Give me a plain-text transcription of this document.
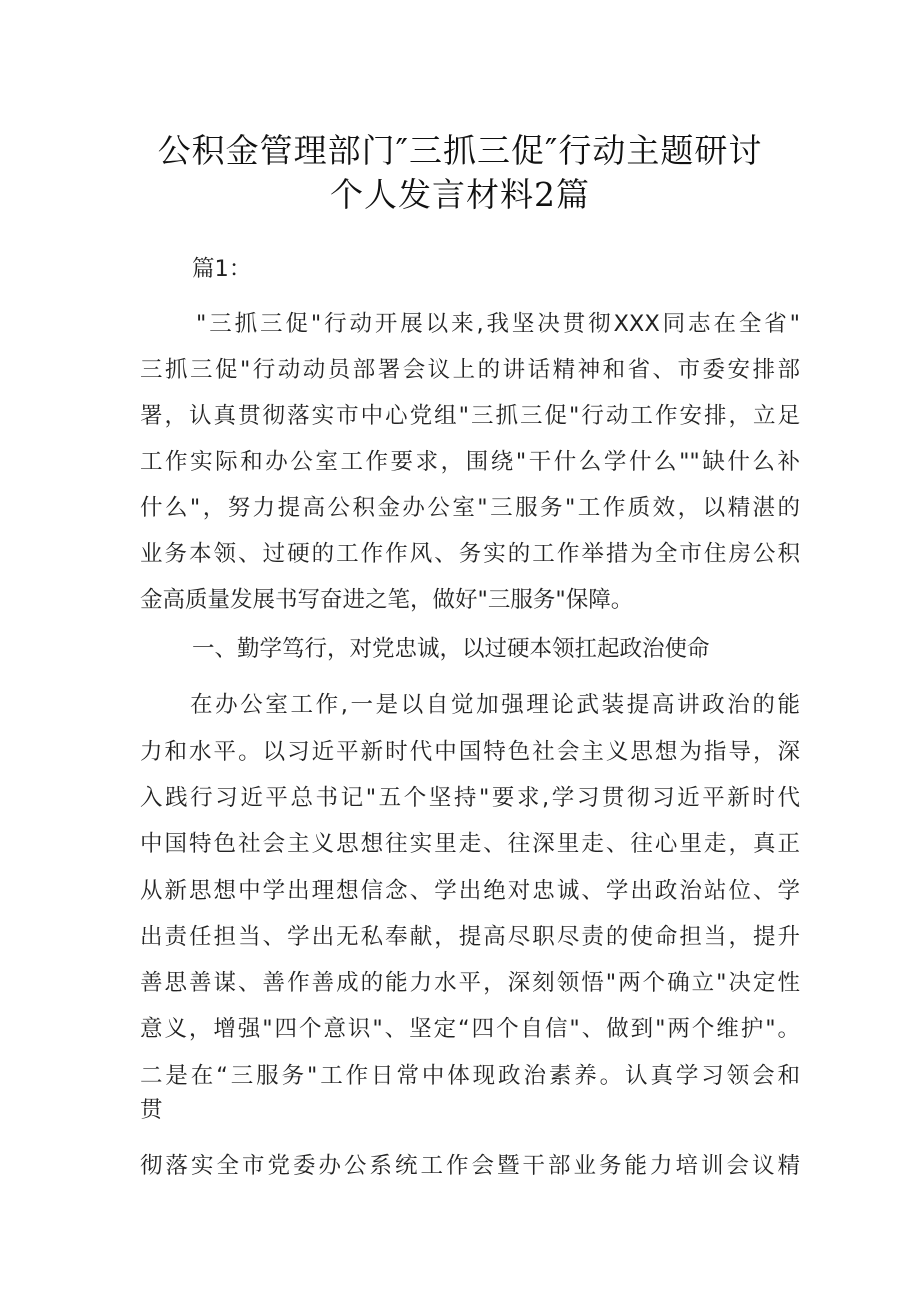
公积金管理部门″三抓三促″行动主题研讨
个人发言材料2篇
篇1：
"三抓三促"行动开展以来,我坚决贯彻XXX同志在全省"
三抓三促"行动动员部署会议上的讲话精神和省、市委安排部
署，认真贯彻落实市中心党组"三抓三促"行动工作安排，立足
工作实际和办公室工作要求，围绕"干什么学什么""缺什么补
什么"，努力提高公积金办公室"三服务"工作质效，以精湛的
业务本领、过硬的工作作风、务实的工作举措为全市住房公积
金高质量发展书写奋进之笔，做好"三服务"保障。
一、勤学笃行，对党忠诚，以过硬本领扛起政治使命
在办公室工作,一是以自觉加强理论武装提高讲政治的能
力和水平。以习近平新时代中国特色社会主义思想为指导，深
入践行习近平总书记"五个坚持"要求,学习贯彻习近平新时代
中国特色社会主义思想往实里走、往深里走、往心里走，真正
从新思想中学出理想信念、学出绝对忠诚、学出政治站位、学
出责任担当、学出无私奉献，提高尽职尽责的使命担当，提升
善思善谋、善作善成的能力水平，深刻领悟"两个确立"决定性
意义，增强"四个意识"、坚定“四个自信"、做到"两个维护"。
二是在“三服务"工作日常中体现政治素养。认真学习领会和
贯
彻落实全市党委办公系统工作会暨干部业务能力培训会议精
